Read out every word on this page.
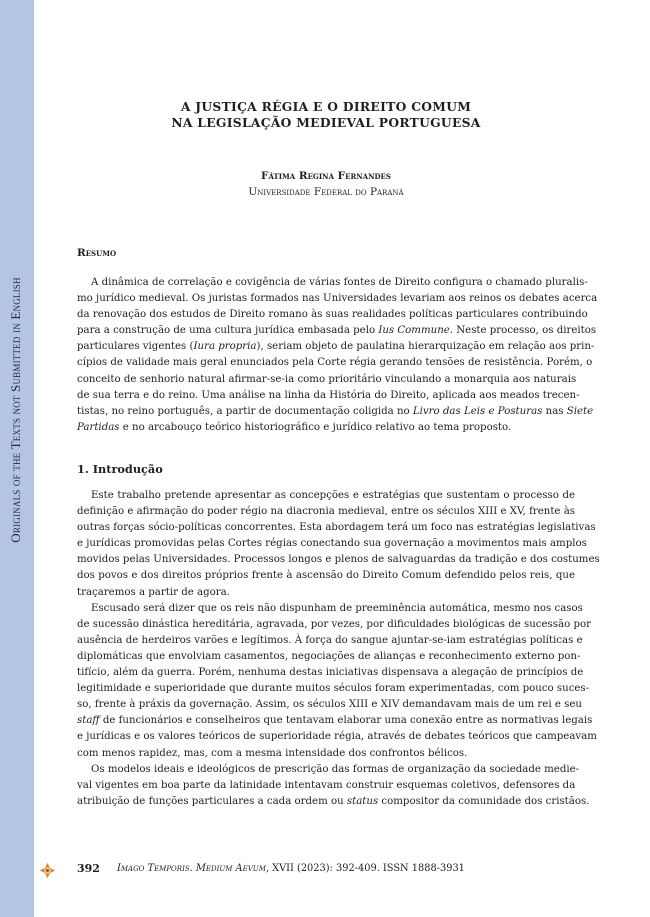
Originals of the Texts not Submitted in English
A JUSTIÇA RÉGIA E O DIREITO COMUM
NA LEGISLAÇÃO MEDIEVAL PORTUGUESA
Fátima Regina Fernandes
Universidade Federal do Paraná
Resumo
A dinâmica de correlação e covigência de várias fontes de Direito configura o chamado pluralis-
mo jurídico medieval. Os juristas formados nas Universidades levariam aos reinos os debates acerca
da renovação dos estudos de Direito romano às suas realidades políticas particulares contribuindo
para a construção de uma cultura jurídica embasada pelo Ius Commune. Neste processo, os direitos
particulares vigentes (Iura propria), seriam objeto de paulatina hierarquização em relação aos prin-
cípios de validade mais geral enunciados pela Corte régia gerando tensões de resistência. Porém, o
conceito de senhorio natural afirmar-se-ia como prioritário vinculando a monarquia aos naturais
de sua terra e do reino. Uma análise na linha da História do Direito, aplicada aos meados trecen-
tistas, no reino português, a partir de documentação coligida no Livro das Leis e Posturas nas Siete
Partidas e no arcabouço teórico historiográfico e jurídico relativo ao tema proposto.
1. Introdução
Este trabalho pretende apresentar as concepções e estratégias que sustentam o processo de
definição e afirmação do poder régio na diacronia medieval, entre os séculos XIII e XV, frente às
outras forças sócio-políticas concorrentes. Esta abordagem terá um foco nas estratégias legislativas
e jurídicas promovidas pelas Cortes régias conectando sua governação a movimentos mais amplos
movidos pelas Universidades. Processos longos e plenos de salvaguardas da tradição e dos costumes
dos povos e dos direitos próprios frente à ascensão do Direito Comum defendido pelos reis, que
traçaremos a partir de agora.
Escusado será dizer que os reis não dispunham de preeminência automática, mesmo nos casos
de sucessão dinástica hereditária, agravada, por vezes, por dificuldades biológicas de sucessão por
ausência de herdeiros varões e legítimos. À força do sangue ajuntar-se-iam estratégias políticas e
diplomáticas que envolviam casamentos, negociações de alianças e reconhecimento externo pon-
tifício, além da guerra. Porém, nenhuma destas iniciativas dispensava a alegação de princípios de
legitimidade e superioridade que durante muitos séculos foram experimentadas, com pouco suces-
so, frente à práxis da governação. Assim, os séculos XIII e XIV demandavam mais de um rei e seu
staff de funcionários e conselheiros que tentavam elaborar uma conexão entre as normativas legais
e jurídicas e os valores teóricos de superioridade régia, através de debates teóricos que campeavam
com menos rapidez, mas, com a mesma intensidade dos confrontos bélicos.
Os modelos ideais e ideológicos de prescrição das formas de organização da sociedade medie-
val vigentes em boa parte da latinidade intentavam construir esquemas coletivos, defensores da
atribuição de funções particulares a cada ordem ou status compositor da comunidade dos cristãos.
392 Imago Temporis. Medium Aevum, XVII (2023): 392-409. ISSN 1888-3931
